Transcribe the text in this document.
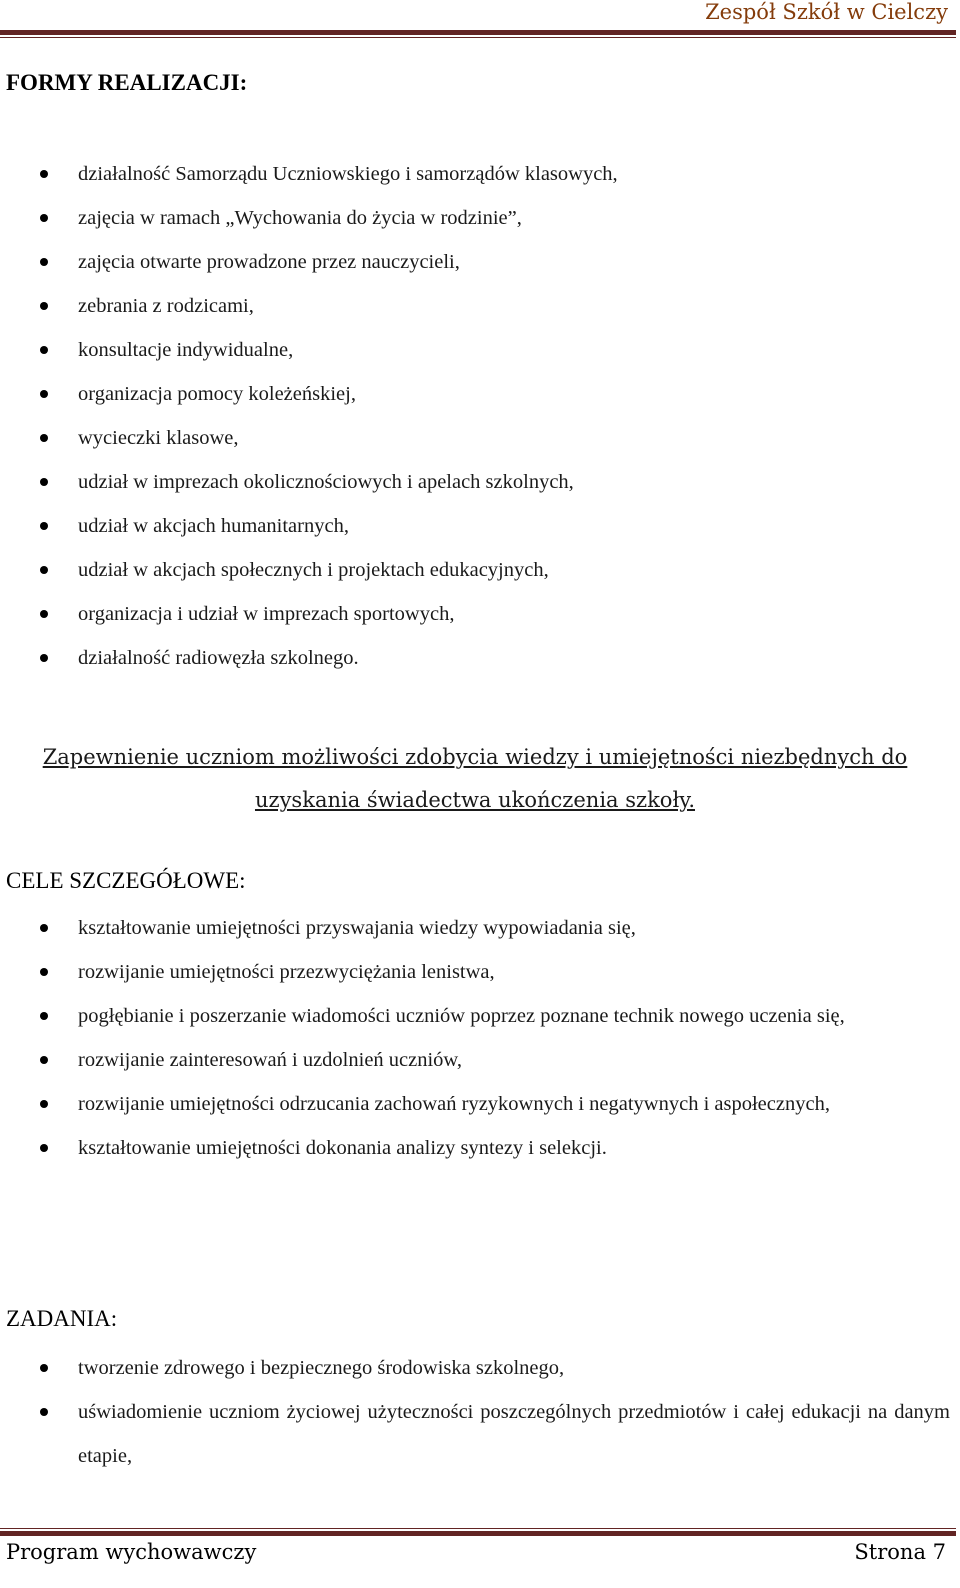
Zespół Szkół w Cielczy
FORMY REALIZACJI:
działalność Samorządu Uczniowskiego i samorządów klasowych,
zajęcia w ramach „Wychowania do życia w rodzinie”,
zajęcia otwarte prowadzone przez nauczycieli,
zebrania z rodzicami,
konsultacje indywidualne,
organizacja pomocy koleżeńskiej,
wycieczki klasowe,
udział w imprezach okolicznościowych i apelach szkolnych,
udział w akcjach humanitarnych,
udział w akcjach społecznych i projektach edukacyjnych,
organizacja i udział w imprezach sportowych,
działalność radiowęzła szkolnego.
Zapewnienie uczniom możliwości zdobycia wiedzy i umiejętności niezbędnych do uzyskania świadectwa ukończenia szkoły.
CELE SZCZEGÓŁOWE:
kształtowanie umiejętności przyswajania wiedzy wypowiadania się,
rozwijanie umiejętności przezwyciężania lenistwa,
pogłębianie i poszerzanie wiadomości uczniów poprzez poznane technik nowego uczenia się,
rozwijanie zainteresowań i uzdolnień uczniów,
rozwijanie umiejętności odrzucania zachowań ryzykownych i negatywnych i aspołecznych,
kształtowanie umiejętności dokonania analizy syntezy i selekcji.
ZADANIA:
tworzenie zdrowego i bezpiecznego środowiska szkolnego,
uświadomienie uczniom życiowej użyteczności poszczególnych przedmiotów i całej edukacji na danym etapie,
Program wychowawczy	Strona 7
